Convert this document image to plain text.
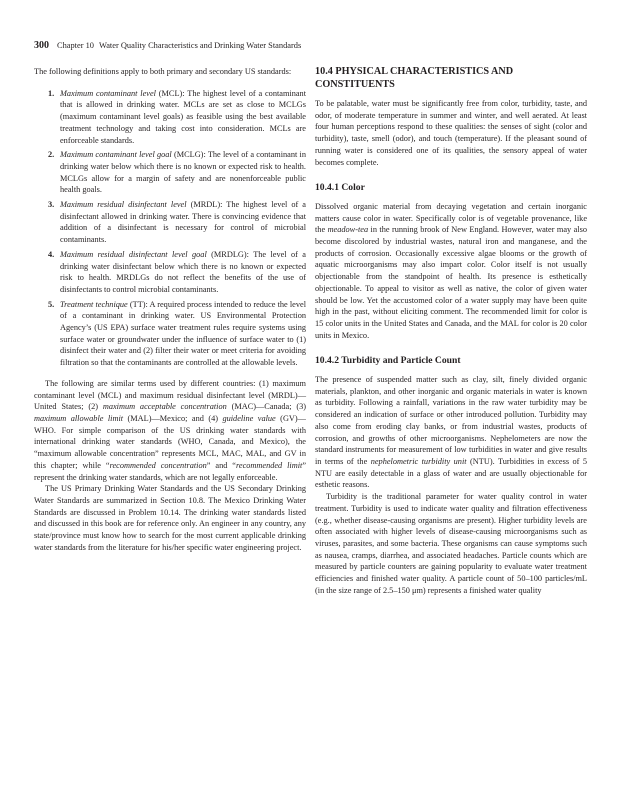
300 Chapter 10 Water Quality Characteristics and Drinking Water Standards

The following definitions apply to both primary and secondary US standards:

1. Maximum contaminant level (MCL): The highest level of a contaminant that is allowed in drinking water. MCLs are set as close to MCLGs (maximum contaminant level goals) as feasible using the best available treatment technology and taking cost into consideration. MCLs are enforceable standards.
2. Maximum contaminant level goal (MCLG): The level of a contaminant in drinking water below which there is no known or expected risk to health. MCLGs allow for a margin of safety and are nonenforceable public health goals.
3. Maximum residual disinfectant level (MRDL): The highest level of a disinfectant allowed in drinking water. There is convincing evidence that addition of a disinfectant is necessary for control of microbial contaminants.
4. Maximum residual disinfectant level goal (MRDLG): The level of a drinking water disinfectant below which there is no known or expected risk to health. MRDLGs do not reflect the benefits of the use of disinfectants to control microbial contaminants.
5. Treatment technique (TT): A required process intended to reduce the level of a contaminant in drinking water. US Environmental Protection Agency’s (US EPA) surface water treatment rules require systems using surface water or groundwater under the influence of surface water to (1) disinfect their water and (2) filter their water or meet criteria for avoiding filtration so that the contaminants are controlled at the allowable levels.

The following are similar terms used by different countries: (1) maximum contaminant level (MCL) and maximum residual disinfectant level (MRDL)—United States; (2) maximum acceptable concentration (MAC)—Canada; (3) maximum allowable limit (MAL)—Mexico; and (4) guideline value (GV)—WHO. For simple comparison of the US drinking water standards with international drinking water standards (WHO, Canada, and Mexico), the “maximum allowable concentration” represents MCL, MAC, MAL, and GV in this chapter; while “recommended concentration” and “recommended limit” represent the drinking water standards, which are not legally enforceable.

The US Primary Drinking Water Standards and the US Secondary Drinking Water Standards are summarized in Section 10.8. The Mexico Drinking Water Standards are discussed in Problem 10.14. The drinking water standards listed and discussed in this book are for reference only. An engineer in any country, any state/province must know how to search for the most current applicable drinking water standards from the literature for his/her specific water engineering project.

10.4 PHYSICAL CHARACTERISTICS AND CONSTITUENTS

To be palatable, water must be significantly free from color, turbidity, taste, and odor, of moderate temperature in summer and winter, and well aerated. At least four human perceptions respond to these qualities: the senses of sight (color and turbidity), taste, smell (odor), and touch (temperature). If the pleasant sound of running water is considered one of its qualities, the sensory appeal of water becomes complete.

10.4.1 Color

Dissolved organic material from decaying vegetation and certain inorganic matters cause color in water. Specifically color is of vegetable provenance, like the meadow-tea in the running brook of New England. However, water may also become discolored by industrial wastes, natural iron and manganese, and the products of corrosion. Occasionally excessive algae blooms or the growth of aquatic microorganisms may also impart color. Color itself is not usually objectionable from the standpoint of health. Its presence is esthetically objectionable. To appeal to visitor as well as native, the color of given water should be low. Yet the accustomed color of a water supply may have been quite high in the past, without eliciting comment. The recommended limit for color is 15 color units in the United States and Canada, and the MAL for color is 20 color units in Mexico.

10.4.2 Turbidity and Particle Count

The presence of suspended matter such as clay, silt, finely divided organic materials, plankton, and other inorganic and organic materials in water is known as turbidity. Following a rainfall, variations in the raw water turbidity may be considered an indication of surface or other introduced pollution. Turbidity may also come from eroding clay banks, or from industrial wastes, products of corrosion, and growths of other microorganisms. Nephelometers are now the standard instruments for measurement of low turbidities in water and give results in terms of the nephelometric turbidity unit (NTU). Turbidities in excess of 5 NTU are easily detectable in a glass of water and are usually objectionable for esthetic reasons.

Turbidity is the traditional parameter for water quality control in water treatment. Turbidity is used to indicate water quality and filtration effectiveness (e.g., whether disease-causing organisms are present). Higher turbidity levels are often associated with higher levels of disease-causing microorganisms such as viruses, parasites, and some bacteria. These organisms can cause symptoms such as nausea, cramps, diarrhea, and associated headaches. Particle counts which are measured by particle counters are gaining popularity to evaluate water treatment efficiencies and finished water quality. A particle count of 50–100 particles/mL (in the size range of 2.5–150 μm) represents a finished water quality
